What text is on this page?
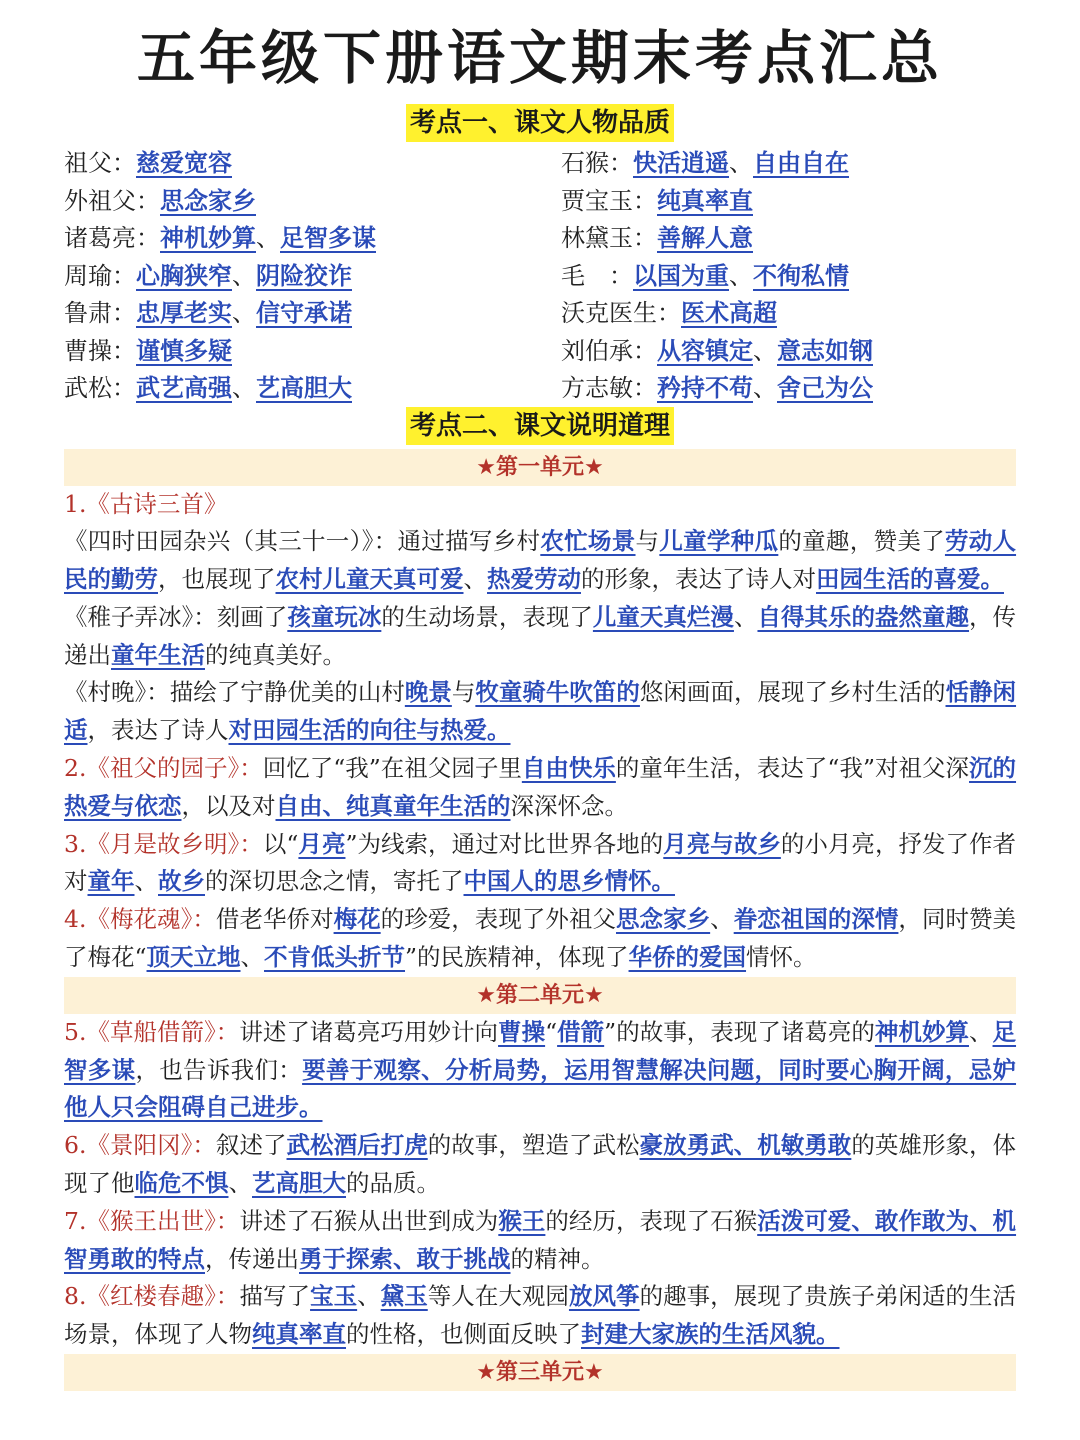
五年级下册语文期末考点汇总
考点一、课文人物品质
祖父：慈爱宽容
外祖父：思念家乡
诸葛亮：神机妙算、足智多谋
周瑜：心胸狭窄、阴险狡诈
鲁肃：忠厚老实、信守承诺
曹操：谨慎多疑
武松：武艺高强、艺高胆大
石猴：快活逍遥、自由自在
贾宝玉：纯真率直
林黛玉：善解人意
毛　：以国为重、不徇私情
沃克医生：医术高超
刘伯承：从容镇定、意志如钢
方志敏：矜持不苟、舍己为公
考点二、课文说明道理
★第一单元★
1.《古诗三首》
《四时田园杂兴（其三十一）》：通过描写乡村农忙场景与儿童学种瓜的童趣，赞美了劳动人民的勤劳，也展现了农村儿童天真可爱、热爱劳动的形象，表达了诗人对田园生活的喜爱。
《稚子弄冰》：刻画了孩童玩冰的生动场景，表现了儿童天真烂漫、自得其乐的盎然童趣，传递出童年生活的纯真美好。
《村晚》：描绘了宁静优美的山村晚景与牧童骑牛吹笛的悠闲画面，展现了乡村生活的恬静闲适，表达了诗人对田园生活的向往与热爱。
2.《祖父的园子》：回忆了“我”在祖父园子里自由快乐的童年生活，表达了“我”对祖父深沉的热爱与依恋，以及对自由、纯真童年生活的深深怀念。
3.《月是故乡明》：以“月亮”为线索，通过对比世界各地的月亮与故乡的小月亮，抒发了作者对童年、故乡的深切思念之情，寄托了中国人的思乡情怀。
4.《梅花魂》：借老华侨对梅花的珍爱，表现了外祖父思念家乡、眷恋祖国的深情，同时赞美了梅花“顶天立地、不肯低头折节”的民族精神，体现了华侨的爱国情怀。
★第二单元★
5.《草船借箭》：讲述了诸葛亮巧用妙计向曹操“借箭”的故事，表现了诸葛亮的神机妙算、足智多谋，也告诉我们：要善于观察、分析局势，运用智慧解决问题，同时要心胸开阔，忌妒他人只会阻碍自己进步。
6.《景阳冈》：叙述了武松酒后打虎的故事，塑造了武松豪放勇武、机敏勇敢的英雄形象，体现了他临危不惧、艺高胆大的品质。
7.《猴王出世》：讲述了石猴从出世到成为猴王的经历，表现了石猴活泼可爱、敢作敢为、机智勇敢的特点，传递出勇于探索、敢于挑战的精神。
8.《红楼春趣》：描写了宝玉、黛玉等人在大观园放风筝的趣事，展现了贵族子弟闲适的生活场景，体现了人物纯真率直的性格，也侧面反映了封建大家族的生活风貌。
★第三单元★
